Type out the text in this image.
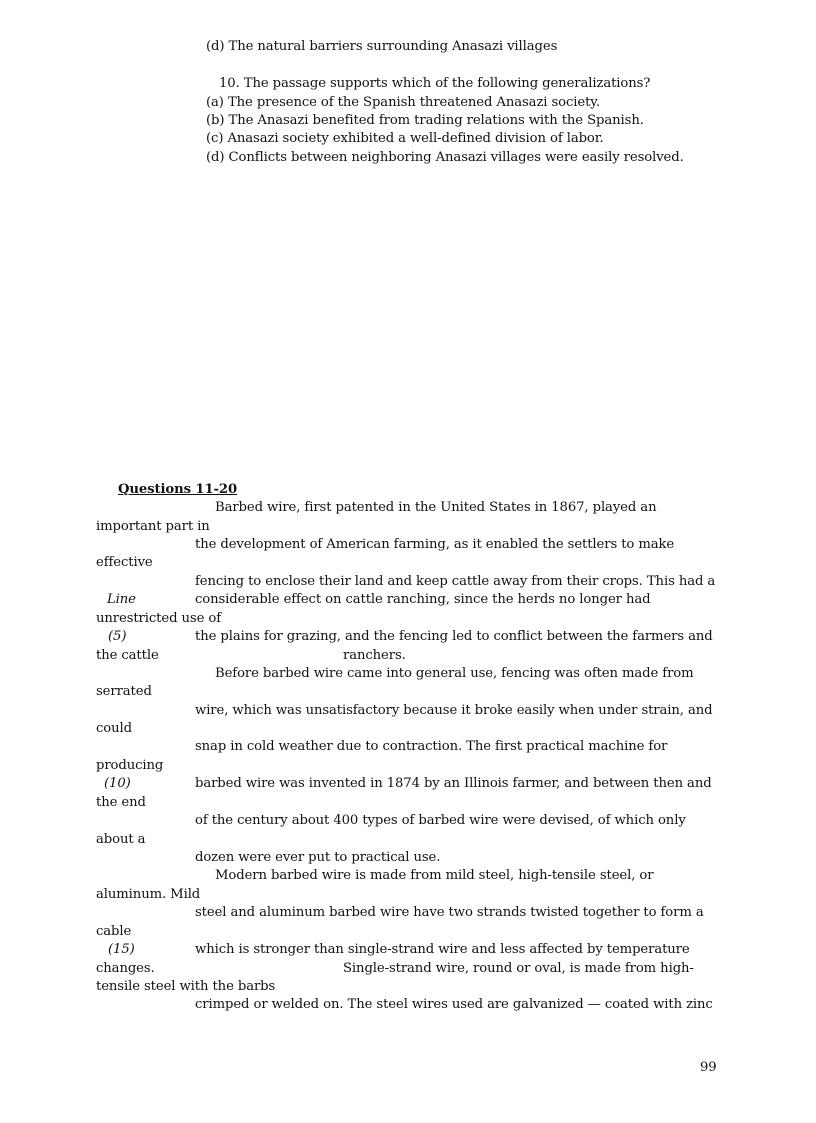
(d) The natural barriers surrounding Anasazi villages
10. The passage supports which of the following generalizations?
(a) The presence of the Spanish threatened Anasazi society.
(b) The Anasazi benefited from trading relations with the Spanish.
(c) Anasazi society exhibited a well-defined division of labor.
(d) Conflicts between neighboring Anasazi villages were easily resolved.
Questions 11-20
Line
(5)
(10)
(15)
Barbed wire, first patented in the United States in 1867, played an
important part in
the development of American farming, as it enabled the settlers to make
effective
fencing to enclose their land and keep cattle away from their crops. This had a
considerable effect on cattle ranching, since the herds no longer had
unrestricted use of
the plains for grazing, and the fencing led to conflict between the farmers and
the cattle	ranchers.
Before barbed wire came into general use, fencing was often made from
serrated
wire, which was unsatisfactory because it broke easily when under strain, and
could
snap in cold weather due to contraction. The first practical machine for
producing
barbed wire was invented in 1874 by an Illinois farmer, and between then and
the end
of the century about 400 types of barbed wire were devised, of which only
about a
dozen were ever put to practical use.
Modern barbed wire is made from mild steel, high-tensile steel, or
aluminum. Mild
steel and aluminum barbed wire have two strands twisted together to form a
cable
which is stronger than single-strand wire and less affected by temperature
changes.	Single-strand wire, round or oval, is made from high-
tensile steel with the barbs
crimped or welded on. The steel wires used are galvanized — coated with zinc
99
